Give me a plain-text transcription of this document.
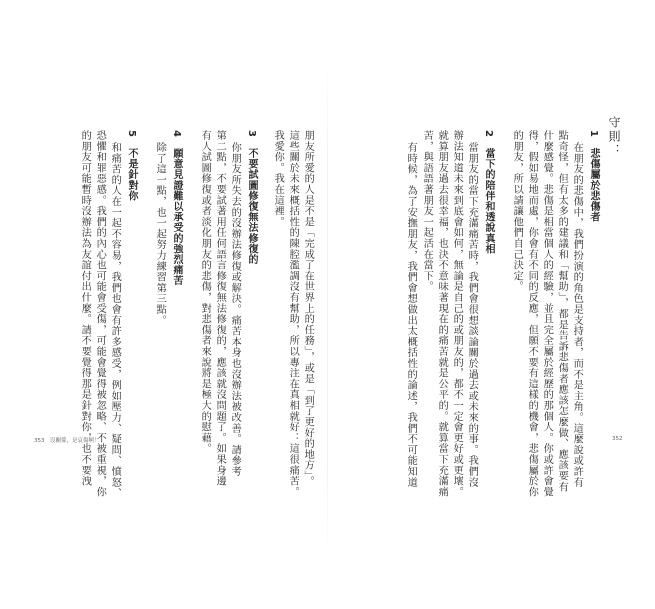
守則：
1　悲傷屬於悲傷者
在朋友的悲傷中，我們扮演的角色是支持者，而不是主角。這麼說或許有
點奇怪，但有太多的建議和「幫助」，都是告訴悲傷者應該怎麼做、應該要有
什麼感覺。悲傷是相當個人的經驗，並且完全屬於經歷的那個人。你或許會覺
得，假如易地而處，你會有不同的反應，但願不要有這樣的機會，悲傷屬於你
的朋友，所以請讓他們自己決定。
2　當下的陪伴和透說真相
當朋友的當下充滿痛苦時，我們會很想談論關於過去或未來的事。我們沒
辦法知道未來到底會如何，無論是自己的或朋友的，都不一定會更好或更壞。
就算朋友過去很幸福，也決不意味著現在的痛苦就是公平的。就算當下充滿痛
苦，與語語著朋友一起活在當下。
有時候，為了安撫朋友，我們會想做出太概括性的論述，我們不可能知道	352
朋友所愛的人是不是「完成了在世界上的任務」，或是「到了更好的地方」。
這些關於未來概括性的陳腔濫調沒有幫助，所以專注在真相就好：這很痛苦。
我愛你。我在這裡。
3　不要試圖修復無法修復的
你朋友所失去的沒辦法修復或解決。痛苦本身也沒辦法被改善。請參考
第二點，不要試著用任何語言修復無法修復的，應該就沒問題了。如果身邊
有人試圖修復或者淡化朋友的悲傷，對悲傷者來說將是極大的慰藉。
4　願意見證難以承受的強烈痛苦
除了這一點，也一起努力練習第三點。
5　不是針對你
和痛苦的人在一起不容易，我們也會有許多感受，例如壓力、疑問、憤怒、
恐懼和罪惡感。我們的內心也可能會受傷，可能會覺得被忽略、不被重視，你
的朋友可能暫時沒辦法為友誼付出什麼。請不要覺得那是針對你，也不要洩
353　沒關係，是哀傷啊！
